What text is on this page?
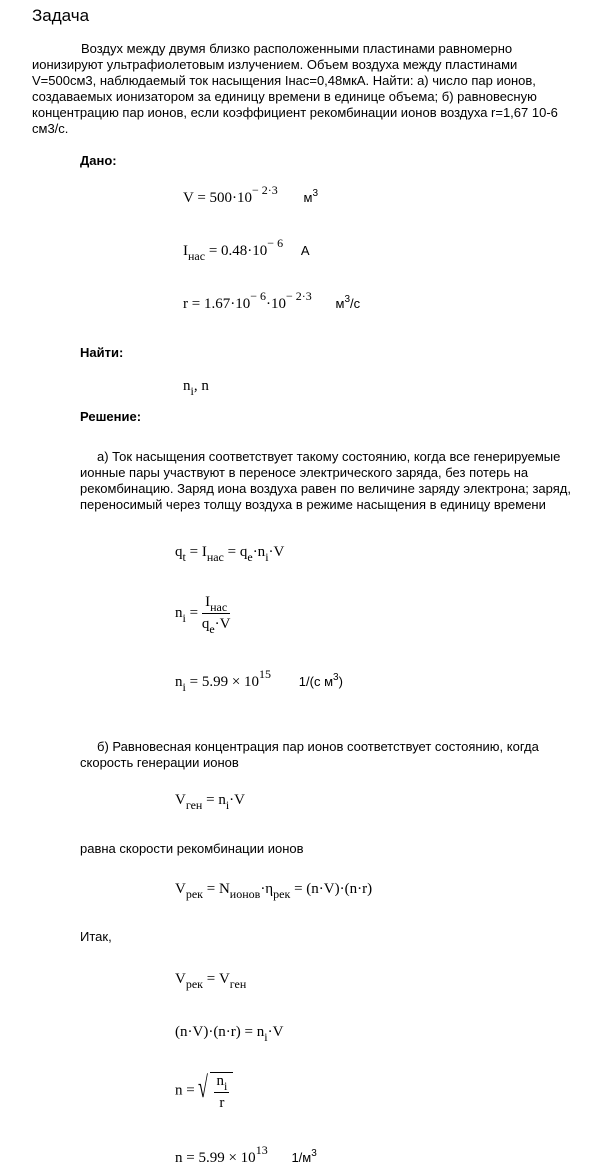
Задача
Воздух между двумя близко расположенными пластинами равномерно
ионизируют ультрафиолетовым излучением. Объем воздуха между пластинами
V=500см3, наблюдаемый ток насыщения Iнас=0,48мкА. Найти: а) число пар ионов,
создаваемых ионизатором за единицу времени в единице объема; б) равновесную
концентрацию пар ионов, если коэффициент рекомбинации ионов воздуха r=1,67 10-6
см3/с.
Дано:
$V = 500\cdot 10^{- 2\cdot 3}$ $м^3$
$I_{нас} = 0.48\cdot 10^{- 6}$ А
$r = 1.67\cdot 10^{- 6}\cdot 10^{- 2\cdot 3}$ $м^3/с$
Найти:
$n_i$, n
Решение:
а) Ток насыщения соответствует такому состоянию, когда все генерируемые
ионные пары участвуют в переносе электрического заряда, без потерь на
рекомбинацию. Заряд иона воздуха равен по величине заряду электрона; заряд,
переносимый через толщу воздуха в режиме насыщения в единицу времени
$q_t = I_{нас} = q_e\cdot n_i\cdot V$
$n_i = \frac{I_{нас}}{q_e\cdot V}$
$n_i = 5.99 \times 10^{15}$ 1/(с $м^3$)
б) Равновесная концентрация пар ионов соответствует состоянию, когда
скорость генерации ионов
$V_{ген} = n_i\cdot V$
равна скорости рекомбинации ионов
$V_{рек} = N_{ионов}\cdot\eta_{рек} = (n\cdot V)\cdot(n\cdot r)$
Итак,
$V_{рек} = V_{ген}$
$(n\cdot V)\cdot(n\cdot r) = n_i\cdot V$
n = √ $\frac{n_i}{r}$
$n = 5.99 \times 10^{13}$ $1/м^3$
